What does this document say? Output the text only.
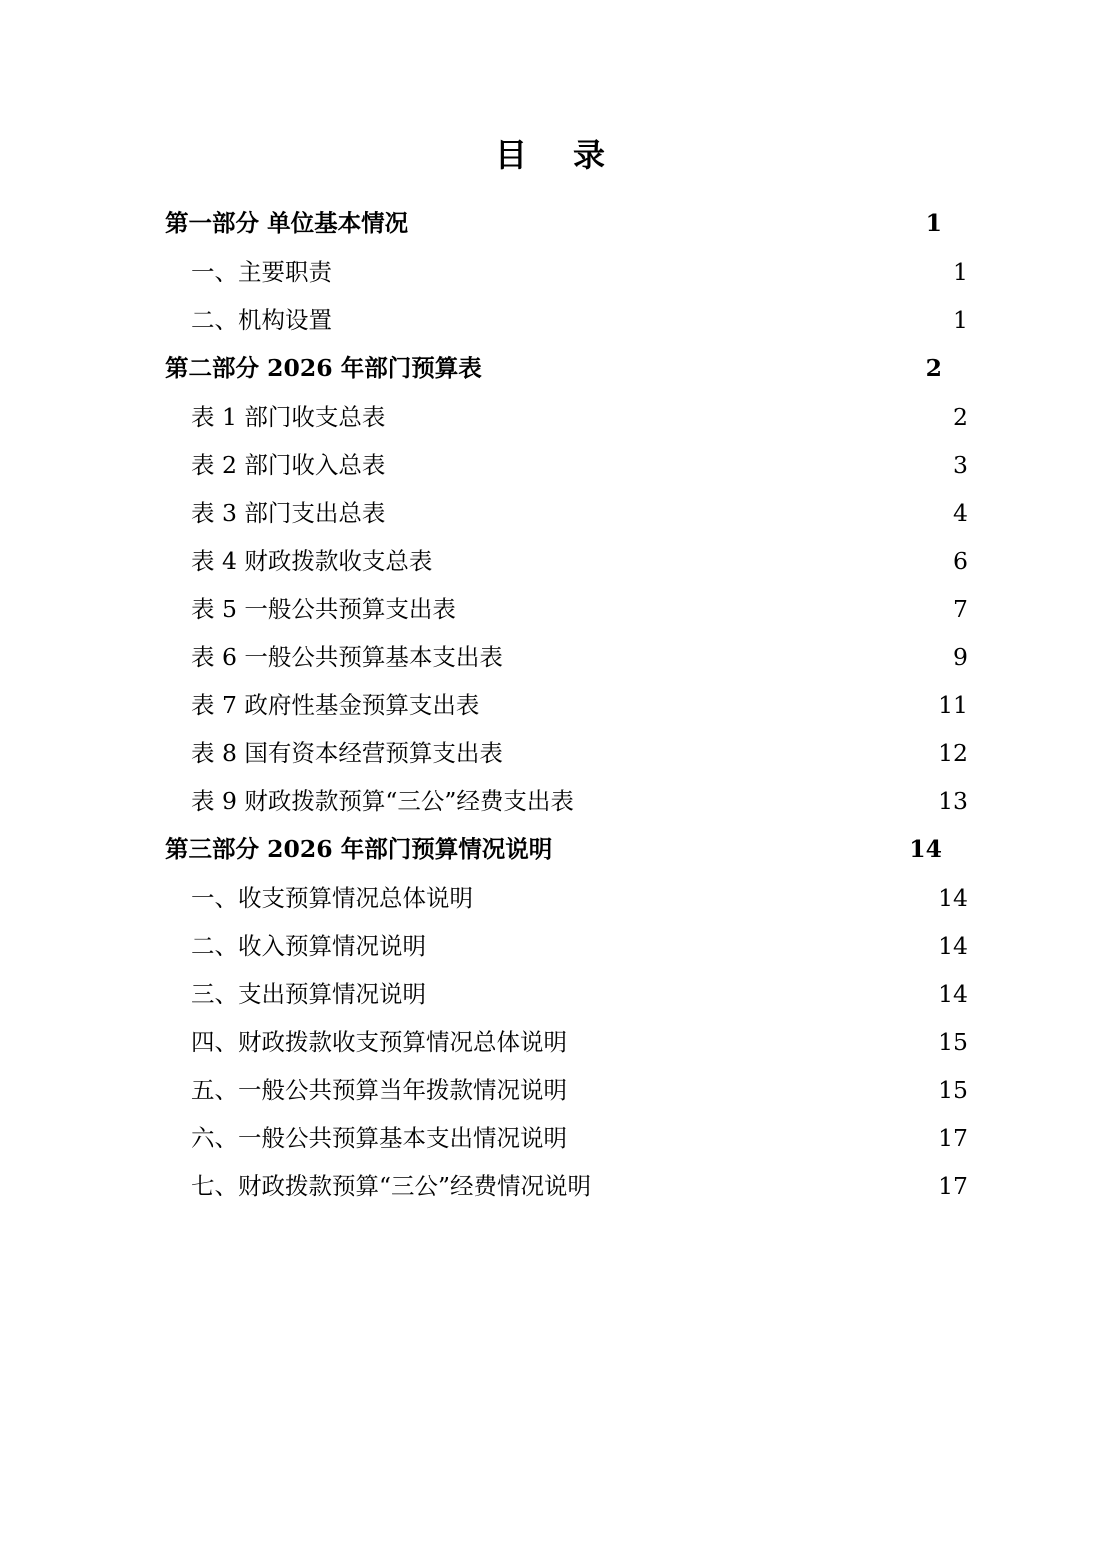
目　录
第一部分 单位基本情况	1
一、主要职责	1
二、机构设置	1
第二部分 2026 年部门预算表	2
表 1 部门收支总表	2
表 2 部门收入总表	3
表 3 部门支出总表	4
表 4 财政拨款收支总表	6
表 5 一般公共预算支出表	7
表 6 一般公共预算基本支出表	9
表 7 政府性基金预算支出表	11
表 8 国有资本经营预算支出表	12
表 9 财政拨款预算“三公”经费支出表	13
第三部分 2026 年部门预算情况说明	14
一、收支预算情况总体说明	14
二、收入预算情况说明	14
三、支出预算情况说明	14
四、财政拨款收支预算情况总体说明	15
五、一般公共预算当年拨款情况说明	15
六、一般公共预算基本支出情况说明	17
七、财政拨款预算“三公”经费情况说明	17
